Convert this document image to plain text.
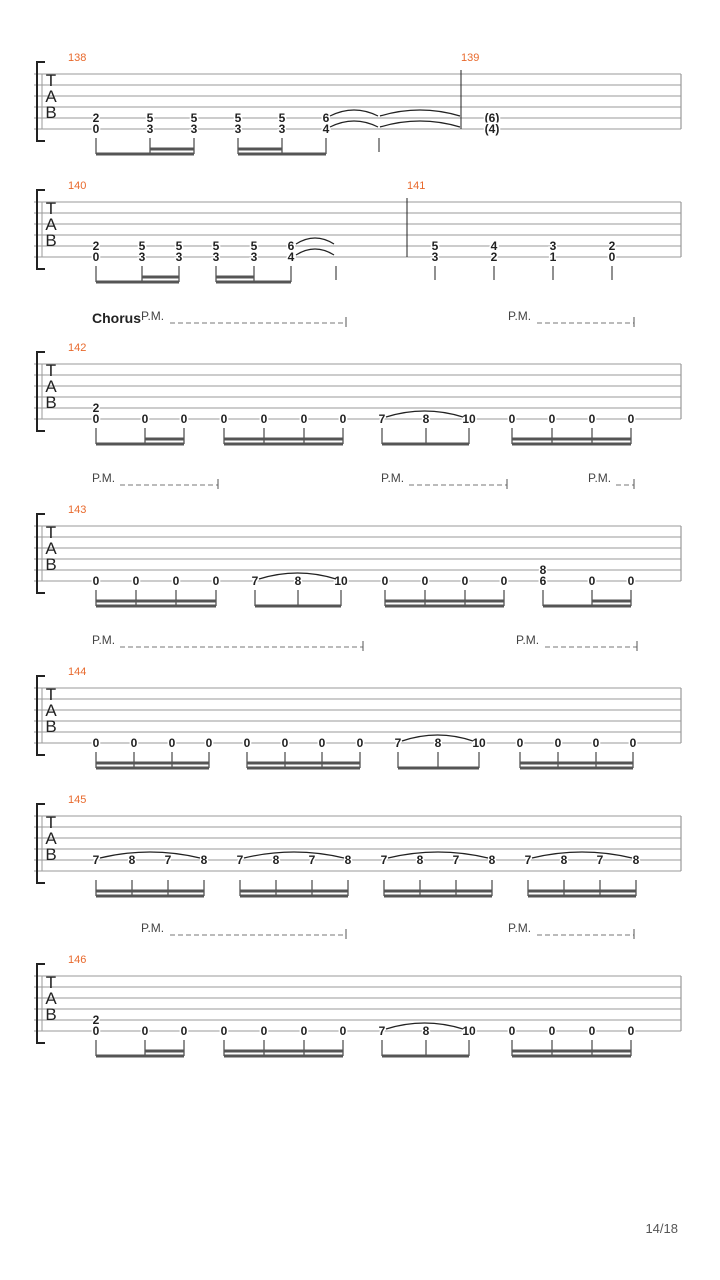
T
A
B
138
2
0
5
3
5
3
5
3
5
3
6
4
139
(6)
(4)
T
A
B
140
2
0
5
3
5
3
5
3
5
3
6
4
141
5
3
4
2
3
1
2
0
T
A
B
Chorus P.M.	P.M.
142
2
0	0	0	0	0	0	0	7	8	10	0	0	0	0
T
A
B
P.M.	P.M.	P.M.
143
0	0	0	0	7	8	10	0	0	0	0
8
6	0	0
T
A
B
P.M.	P.M.
144
0	0	0	0	0	0	0	0	7	8	10	0	0	0	0
T
A
B
145
7 8 7 8 7 8 7 8 7 8 7 8 7 8 7 8
T
A
B
P.M.	P.M.
146
2
0	0	0	0	0	0	0	7	8	10	0	0	0	0
14/18
